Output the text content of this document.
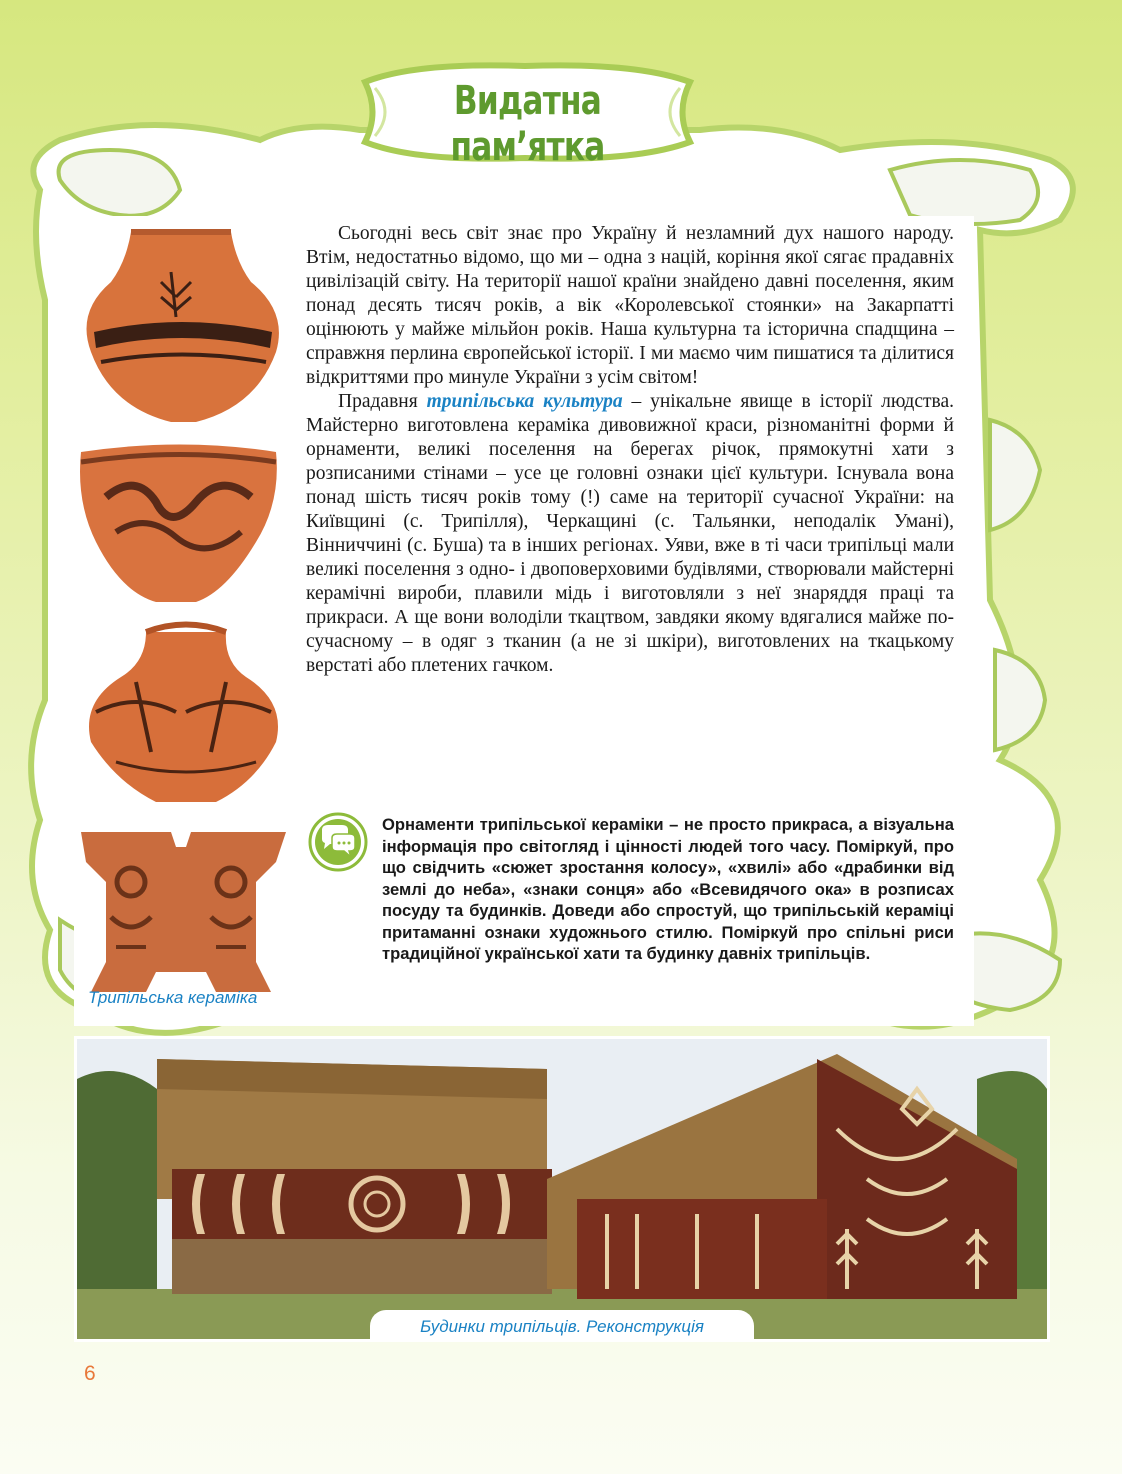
Видатна пам’ятка
Трипільська кераміка

Сьогодні весь світ знає про Україну й незламний дух нашого народу. Втім, недостатньо відомо, що ми – одна з націй, коріння якої сягає прадавніх цивілізацій світу. На території нашої країни знайдено давні поселення, яким понад десять тисяч років, а вік «Королевської стоянки» на Закарпатті оцінюють у майже мільйон років. Наша культурна та історична спадщина – справжня перлина європейської історії. І ми маємо чим пишатися та ділитися відкриттями про минуле України з усім світом!

Прадавня трипільська культура – унікальне явище в історії людства. Майстерно виготовлена кераміка дивовижної краси, різноманітні форми й орнаменти, великі поселення на берегах річок, прямокутні хати з розписаними стінами – усе це головні ознаки цієї культури. Існувала вона понад шість тисяч років тому (!) саме на території сучасної України: на Київщині (с. Трипілля), Черкащині (с. Тальянки, неподалік Умані), Вінниччині (с. Буша) та в інших регіонах. Уяви, вже в ті часи трипільці мали великі поселення з одно- і двоповерховими будівлями, створювали майстерні керамічні вироби, плавили мідь і виготовляли з неї знаряддя праці та прикраси. А ще вони володіли ткацтвом, завдяки якому вдягалися майже по-сучасному – в одяг з тканин (а не зі шкіри), виготовлених на ткацькому верстаті або плетених гачком.

Орнаменти трипільської кераміки – не просто прикраса, а візуальна інформація про світогляд і цінності людей того часу. Поміркуй, про що свідчить «сюжет зростання колосу», «хвилі» або «драбинки від землі до неба», «знаки сонця» або «Всевидячого ока» в розписах посуду та будинків. Доведи або спростуй, що трипільській кераміці притаманні ознаки художнього стилю. Поміркуй про спільні риси традиційної української хати та будинку давніх трипільців.
Будинки трипільців. Реконструкція
6
